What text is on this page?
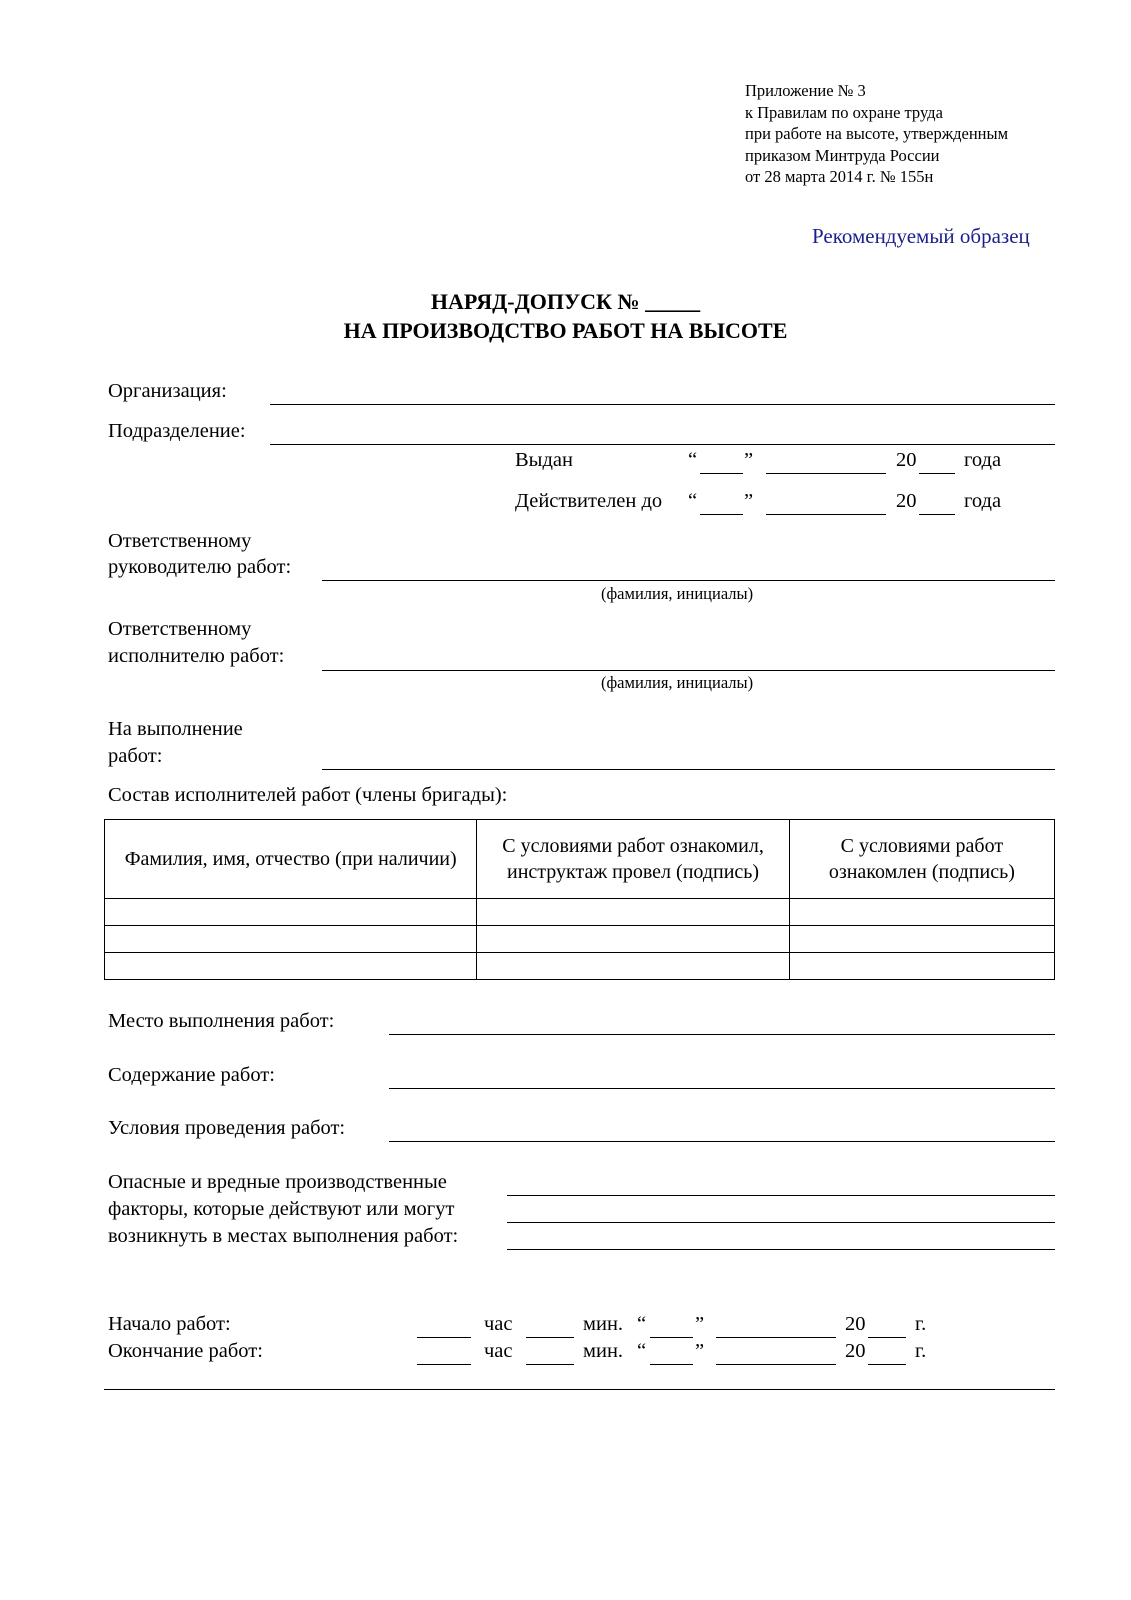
Приложение № 3
к Правилам по охране труда
при работе на высоте, утвержденным
приказом Минтруда России
от 28 марта 2014 г. № 155н
Рекомендуемый образец
НАРЯД-ДОПУСК № _____
НА ПРОИЗВОДСТВО РАБОТ НА ВЫСОТЕ
Организация:
Подразделение:
Выдан	“ ”	20 года
Действителен до “ ”	20 года
Ответственному
руководителю работ:
(фамилия, инициалы)
Ответственному
исполнителю работ:
(фамилия, инициалы)
На выполнение
работ:
Состав исполнителей работ (члены бригады):
Фамилия, имя, отчество (при наличии)	С условиями работ ознакомил, инструктаж провел (подпись)	С условиями работ ознакомлен (подпись)

Место выполнения работ:
Содержание работ:
Условия проведения работ:
Опасные и вредные производственные
факторы, которые действуют или могут
возникнуть в местах выполнения работ:
Начало работ:	час	мин. “ ”	20 г.
Окончание работ:	час	мин. “ ”	20 г.
